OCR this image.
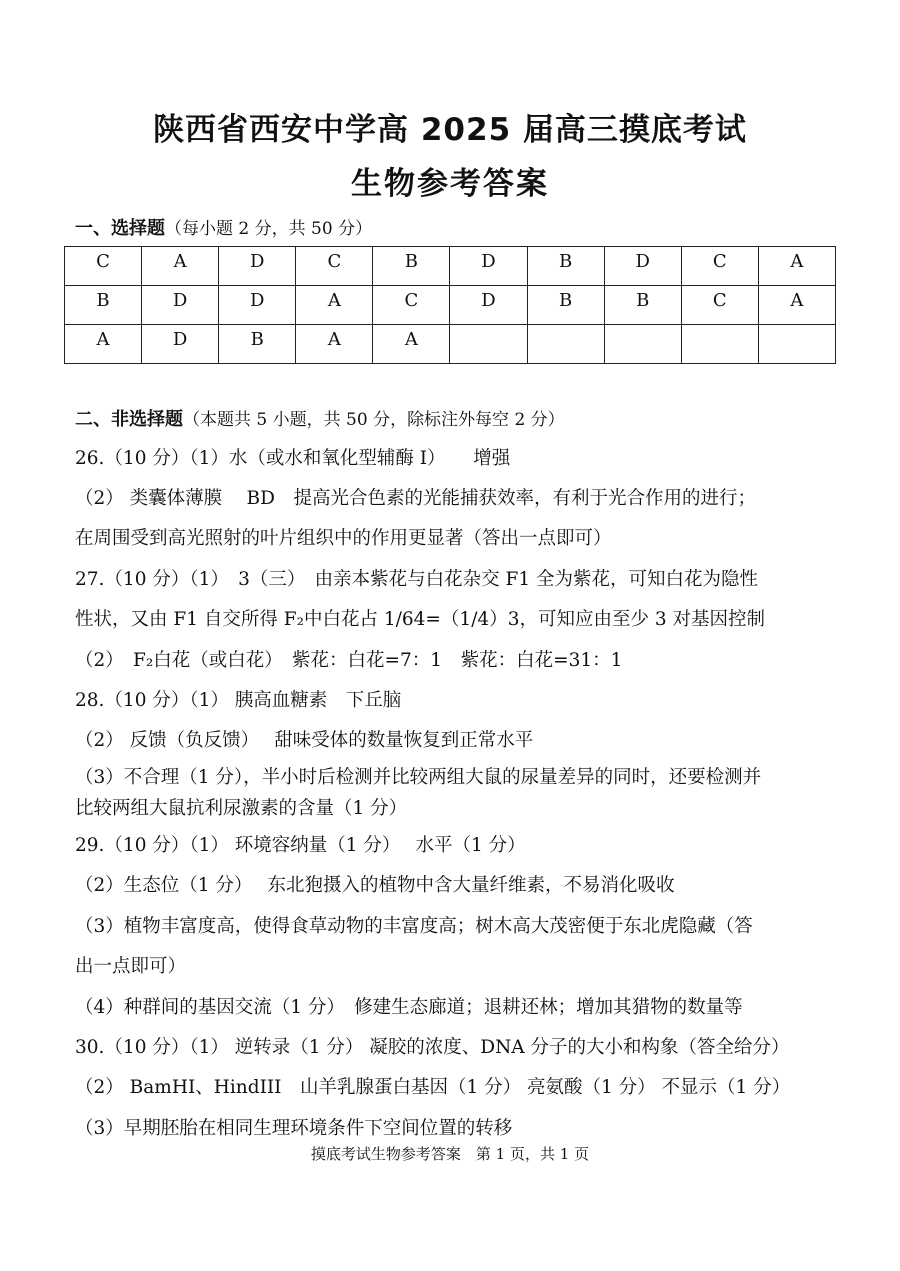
陕西省西安中学高 2025 届高三摸底考试
生物参考答案
一、选择题（每小题 2 分，共 50 分）
C	A	D	C	B	D	B	D	C	A
B	D	D	A	C	D	B	B	C	A
A	D	B	A	A					
二、非选择题（本题共 5 小题，共 50 分，除标注外每空 2 分）
26.（10 分）（1）水（或水和氧化型辅酶 I）　　增强
（2） 类囊体薄膜　 BD　提高光合色素的光能捕获效率，有利于光合作用的进行；
在周围受到高光照射的叶片组织中的作用更显著（答出一点即可）
27.（10 分）（1）　3（三）　由亲本紫花与白花杂交 F1 全为紫花，可知白花为隐性
性状，又由 F1 自交所得 F₂中白花占 1/64=（1/4）3，可知应由至少 3 对基因控制
（2）　F₂白花（或白花）　紫花：白花=7：1　紫花：白花=31：1
28.（10 分）（1） 胰高血糖素　下丘脑
（2） 反馈（负反馈）　 甜味受体的数量恢复到正常水平
（3）不合理（1 分），半小时后检测并比较两组大鼠的尿量差异的同时，还要检测并
比较两组大鼠抗利尿激素的含量（1 分）
29.（10 分）（1） 环境容纳量（1 分）　 水平（1 分）
（2）生态位（1 分）　 东北狍摄入的植物中含大量纤维素，不易消化吸收
（3）植物丰富度高，使得食草动物的丰富度高；树木高大茂密便于东北虎隐藏（答
出一点即可）
（4）种群间的基因交流（1 分）　修建生态廊道；退耕还林；增加其猎物的数量等
30.（10 分）（1） 逆转录（1 分） 凝胶的浓度、DNA 分子的大小和构象（答全给分）
（2） BamHI、HindIII　山羊乳腺蛋白基因（1 分） 亮氨酸（1 分） 不显示（1 分）
（3）早期胚胎在相同生理环境条件下空间位置的转移
摸底考试生物参考答案　第 1 页，共 1 页
